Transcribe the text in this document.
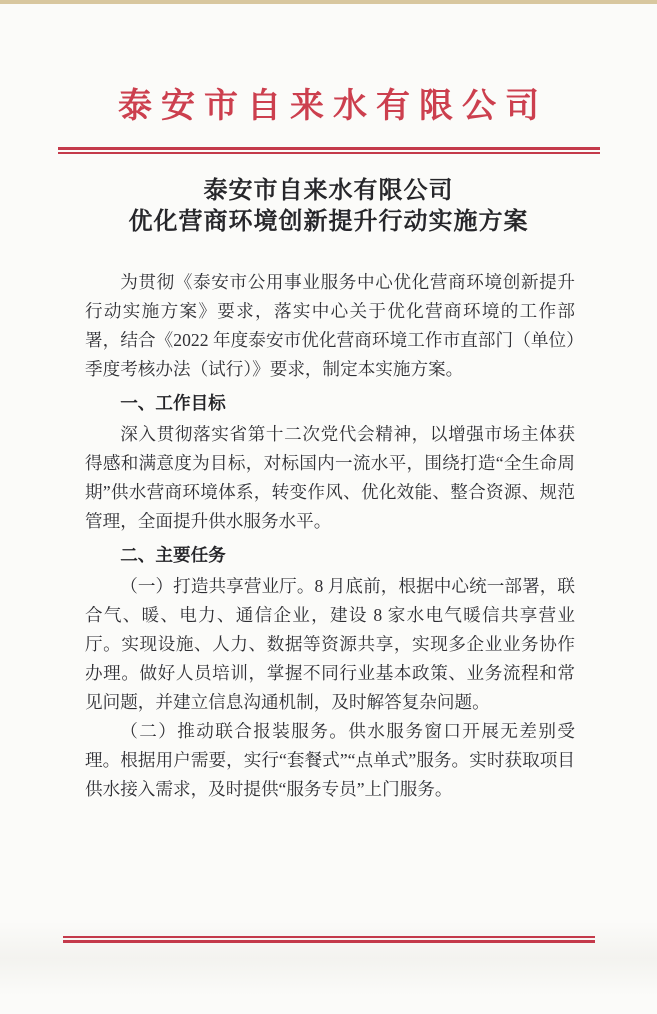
泰安市自来水有限公司
泰安市自来水有限公司
优化营商环境创新提升行动实施方案

为贯彻《泰安市公用事业服务中心优化营商环境创新提升行动实施方案》要求，落实中心关于优化营商环境的工作部署，结合《2022 年度泰安市优化营商环境工作市直部门（单位）季度考核办法（试行）》要求，制定本实施方案。

一、工作目标

深入贯彻落实省第十二次党代会精神，以增强市场主体获得感和满意度为目标，对标国内一流水平，围绕打造“全生命周期”供水营商环境体系，转变作风、优化效能、整合资源、规范管理，全面提升供水服务水平。

二、主要任务

（一）打造共享营业厅。8 月底前，根据中心统一部署，联合气、暖、电力、通信企业，建设 8 家水电气暖信共享营业厅。实现设施、人力、数据等资源共享，实现多企业业务协作办理。做好人员培训，掌握不同行业基本政策、业务流程和常见问题，并建立信息沟通机制，及时解答复杂问题。

（二）推动联合报装服务。供水服务窗口开展无差别受理。根据用户需要，实行“套餐式”“点单式”服务。实时获取项目供水接入需求，及时提供“服务专员”上门服务。
